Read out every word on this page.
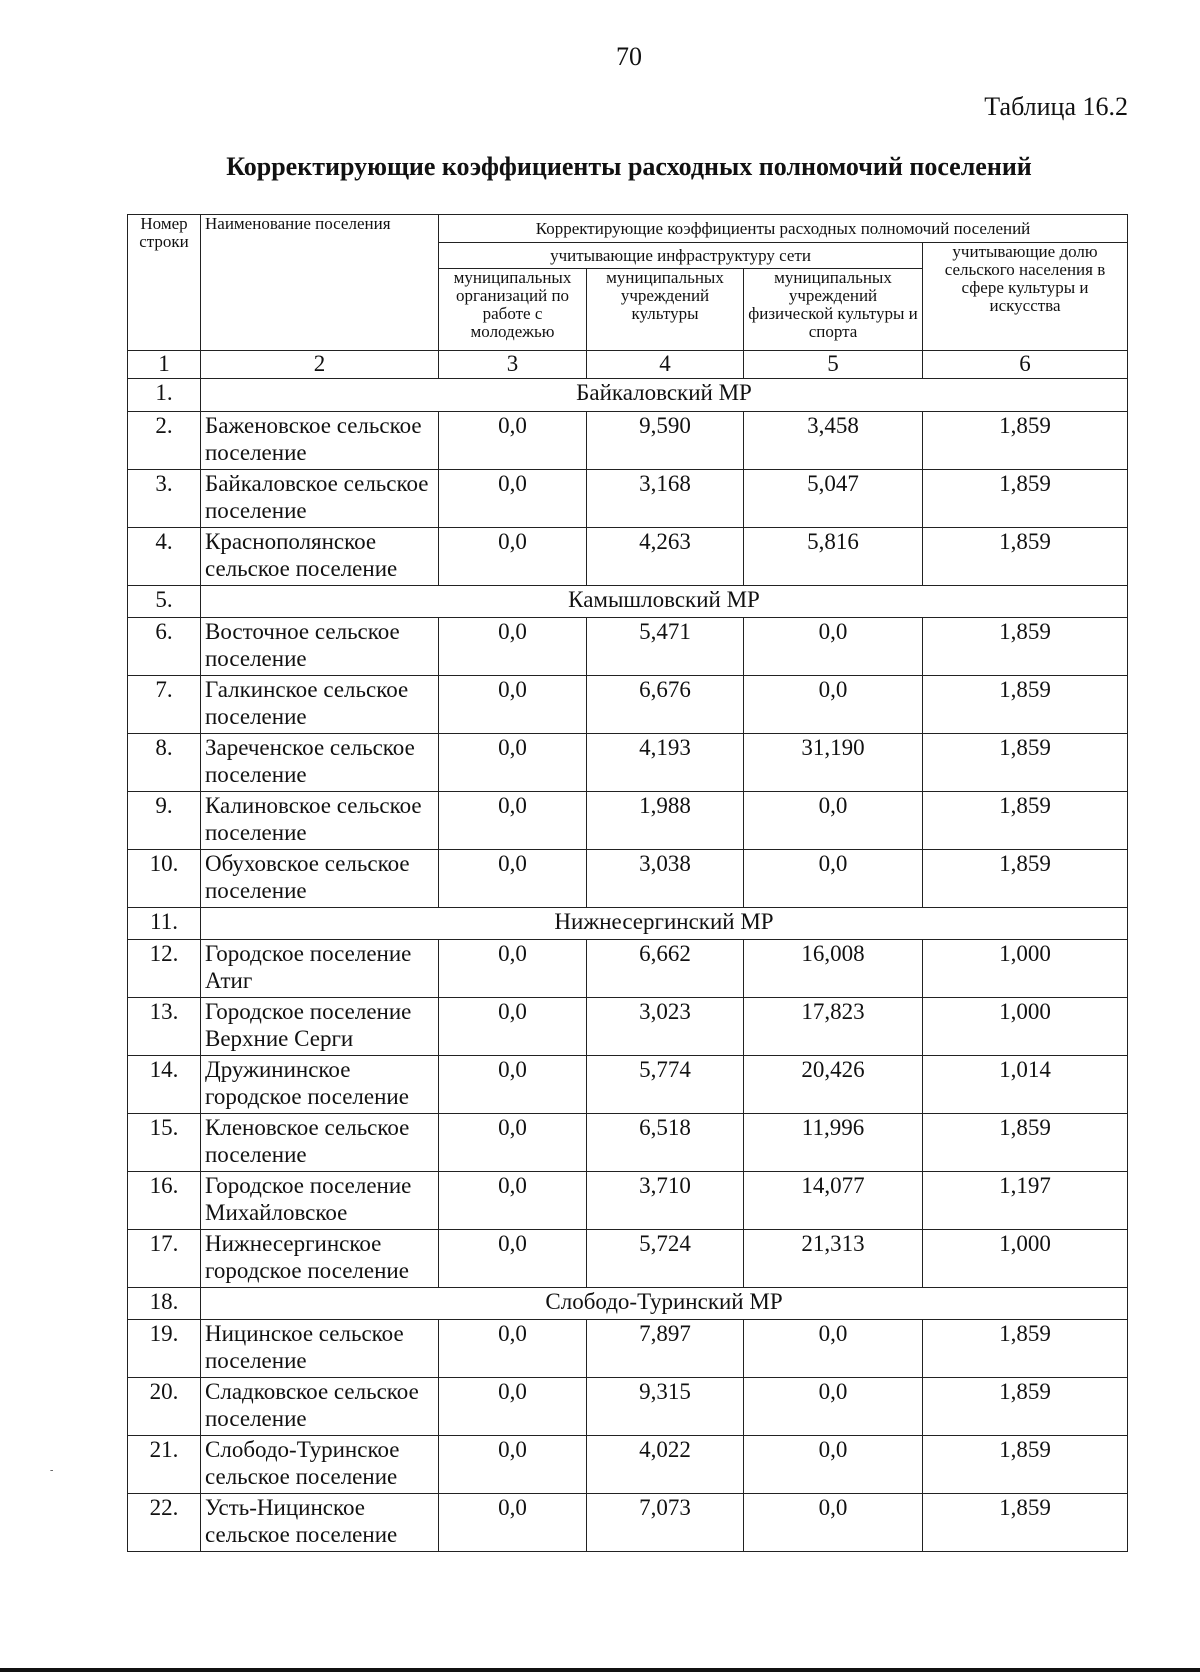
70
Таблица 16.2
Корректирующие коэффициенты расходных полномочий поселений
Номер строки	Наименование поселения	Корректирующие коэффициенты расходных полномочий поселений			
		учитывающие инфраструктуру сети			учитывающие долю сельского населения в сфере культуры и искусства
		муниципальных организаций по работе с молодежью	муниципальных учреждений культуры	муниципальных учреждений физической культуры и спорта	
1	2	3	4	5	6
1.	Байкаловский МР				
2.	Баженовское сельское поселение	0,0	9,590	3,458	1,859
3.	Байкаловское сельское поселение	0,0	3,168	5,047	1,859
4.	Краснополянское сельское поселение	0,0	4,263	5,816	1,859
5.	Камышловский МР				
6.	Восточное сельское поселение	0,0	5,471	0,0	1,859
7.	Галкинское сельское поселение	0,0	6,676	0,0	1,859
8.	Зареченское сельское поселение	0,0	4,193	31,190	1,859
9.	Калиновское сельское поселение	0,0	1,988	0,0	1,859
10.	Обуховское сельское поселение	0,0	3,038	0,0	1,859
11.	Нижнесергинский МР				
12.	Городское поселение Атиг	0,0	6,662	16,008	1,000
13.	Городское поселение Верхние Серги	0,0	3,023	17,823	1,000
14.	Дружининское городское поселение	0,0	5,774	20,426	1,014
15.	Кленовское сельское поселение	0,0	6,518	11,996	1,859
16.	Городское поселение Михайловское	0,0	3,710	14,077	1,197
17.	Нижнесергинское городское поселение	0,0	5,724	21,313	1,000
18.	Слободо-Туринский МР				
19.	Ницинское сельское поселение	0,0	7,897	0,0	1,859
20.	Сладковское сельское поселение	0,0	9,315	0,0	1,859
21.	Слободо-Туринское сельское поселение	0,0	4,022	0,0	1,859
22.	Усть-Ницинское сельское поселение	0,0	7,073	0,0	1,859
-
